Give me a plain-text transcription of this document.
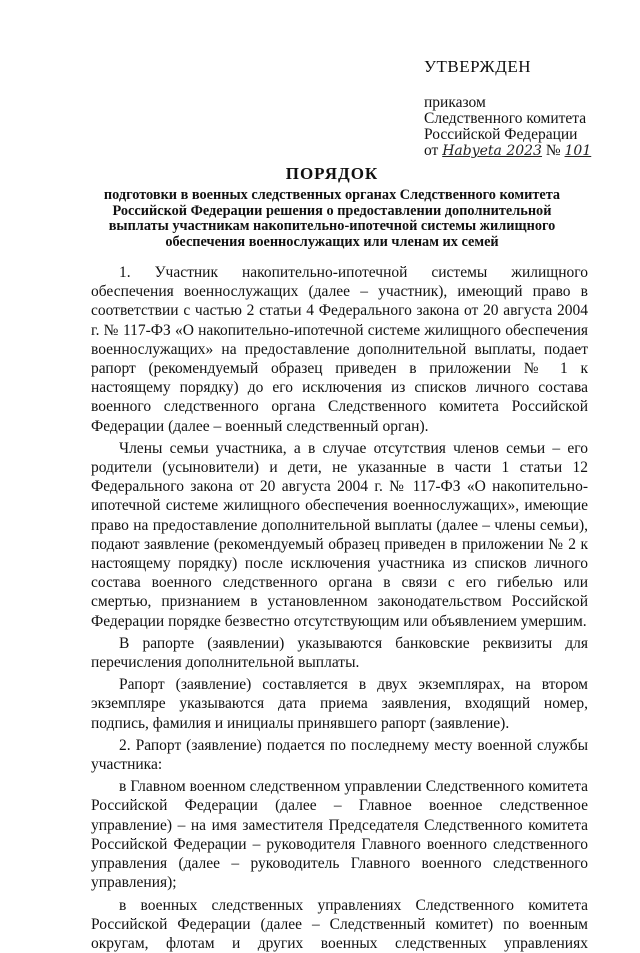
УТВЕРЖДЕН
приказом
Следственного комитета
Российской Федерации
от Hаbyeta 2023 № 101
ПОРЯДОК
подготовки в военных следственных органах Следственного комитета Российской Федерации решения о предоставлении дополнительной выплаты участникам накопительно-ипотечной системы жилищного обеспечения военнослужащих или членам их семей

1. Участник накопительно-ипотечной системы жилищного обеспечения военнослужащих (далее – участник), имеющий право в соответствии с частью 2 статьи 4 Федерального закона от 20 августа 2004 г. № 117-ФЗ «О накопительно-ипотечной системе жилищного обеспечения военнослужащих» на предоставление дополнительной выплаты, подает рапорт (рекомендуемый образец приведен в приложении № 1 к настоящему порядку) до его исключения из списков личного состава военного следственного органа Следственного комитета Российской Федерации (далее – военный следственный орган).

Члены семьи участника, а в случае отсутствия членов семьи – его родители (усыновители) и дети, не указанные в части 1 статьи 12 Федерального закона от 20 августа 2004 г. № 117-ФЗ «О накопительно-ипотечной системе жилищного обеспечения военнослужащих», имеющие право на предоставление дополнительной выплаты (далее – члены семьи), подают заявление (рекомендуемый образец приведен в приложении № 2 к настоящему порядку) после исключения участника из списков личного состава военного следственного органа в связи с его гибелью или смертью, признанием в установленном законодательством Российской Федерации порядке безвестно отсутствующим или объявлением умершим.

В рапорте (заявлении) указываются банковские реквизиты для перечисления дополнительной выплаты.

Рапорт (заявление) составляется в двух экземплярах, на втором экземпляре указываются дата приема заявления, входящий номер, подпись, фамилия и инициалы принявшего рапорт (заявление).

2. Рапорт (заявление) подается по последнему месту военной службы участника:

в Главном военном следственном управлении Следственного комитета Российской Федерации (далее – Главное военное следственное управление) – на имя заместителя Председателя Следственного комитета Российской Федерации – руководителя Главного военного следственного управления (далее – руководитель Главного военного следственного управления);

в военных следственных управлениях Следственного комитета Российской Федерации (далее – Следственный комитет) по военным округам, флотам и других военных следственных управлениях
